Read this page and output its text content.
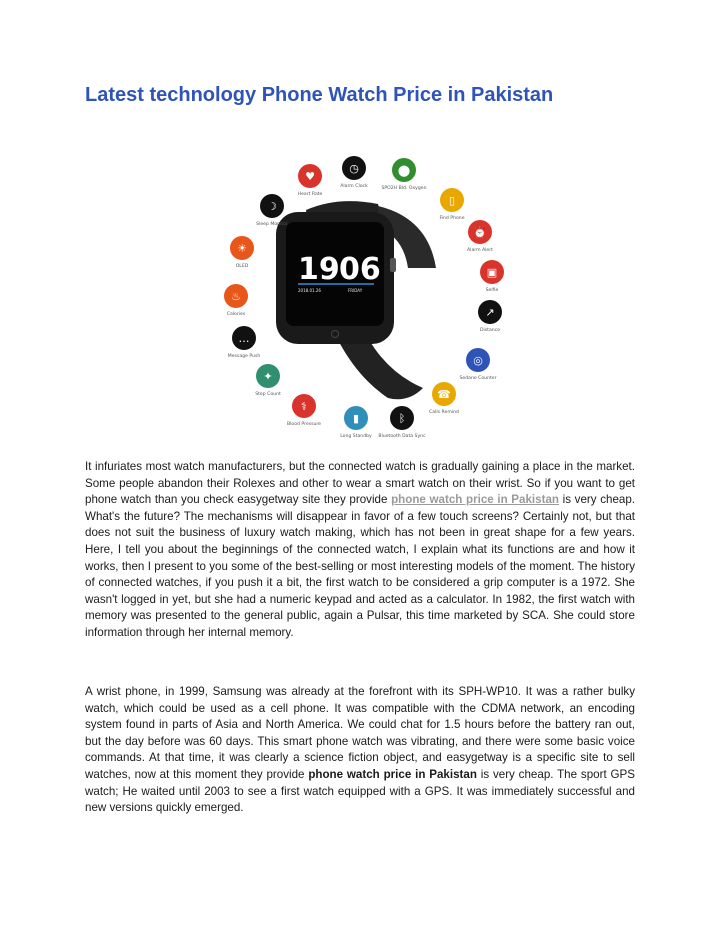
Latest technology Phone Watch Price in Pakistan
19 06
2018.01.26	FRIDAY
◷
Alarm Clock
⬤
SPO2H Bld. Oxygen
▯
Find Phone
⏰
Alarm Alert
▣
Selfie
↗
Distance
◎
Sedane Counter
☎
Calls Remind
ᛒ
Bluetooth Data Sync
▮
Long Standby
⚕
Blood Pressure
✦
Step Count
…
Message Push
♨
Calories
☀
OLED
☽
Sleep Monitor
♥
Heart Rate

It infuriates most watch manufacturers, but the connected watch is gradually gaining a place in the market. Some people abandon their Rolexes and other to wear a smart watch on their wrist. So if you want to get phone watch than you check easygetway site they provide phone watch price in Pakistan is very cheap. What's the future? The mechanisms will disappear in favor of a few touch screens? Certainly not, but that does not suit the business of luxury watch making, which has not been in great shape for a few years. Here, I tell you about the beginnings of the connected watch, I explain what its functions are and how it works, then I present to you some of the best-selling or most interesting models of the moment. The history of connected watches, if you push it a bit, the first watch to be considered a grip computer is a 1972. She wasn't logged in yet, but she had a numeric keypad and acted as a calculator. In 1982, the first watch with memory was presented to the general public, again a Pulsar, this time marketed by SCA. She could store information through her internal memory.

A wrist phone, in 1999, Samsung was already at the forefront with its SPH-WP10. It was a rather bulky watch, which could be used as a cell phone. It was compatible with the CDMA network, an encoding system found in parts of Asia and North America. We could chat for 1.5 hours before the battery ran out, but the day before was 60 days. This smart phone watch was vibrating, and there were some basic voice commands. At that time, it was clearly a science fiction object, and easygetway is a specific site to sell watches, now at this moment they provide phone watch price in Pakistan is very cheap. The sport GPS watch; He waited until 2003 to see a first watch equipped with a GPS. It was immediately successful and new versions quickly emerged.
